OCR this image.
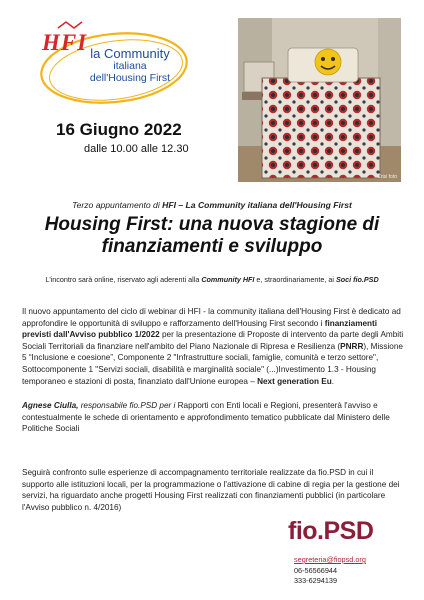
HFI la Community
italiana
dell'Housing First
16 Giugno 2022
dalle 10.00 alle 12.30
Crisi foto
Terzo appuntamento di HFI – La Community italiana dell'Housing First
Housing First: una nuova stagione di
finanziamenti e sviluppo
L'incontro sarà online, riservato agli aderenti alla Community HFI e, straordinariamente, ai Soci fio.PSD
Il nuovo appuntamento del ciclo di webinar di HFI - la community italiana dell'Housing First è dedicato ad approfondire le opportunità di sviluppo e rafforzamento dell'Housing First secondo i finanziamenti previsti dall'Avviso pubblico 1/2022 per la presentazione di Proposte di intervento da parte degli Ambiti Sociali Territoriali da finanziare nell'ambito del Piano Nazionale di Ripresa e Resilienza (PNRR), Missione 5 “Inclusione e coesione”, Componente 2 "Infrastrutture sociali, famiglie, comunità e terzo settore", Sottocomponente 1 "Servizi sociali, disabilità e marginalità sociale" (...)Investimento 1.3 - Housing temporaneo e stazioni di posta, finanziato dall'Unione europea – Next generation Eu.
Agnese Ciulla, responsabile fio.PSD per i Rapporti con Enti locali e Regioni, presenterà l'avviso e contestualmente le schede di orientamento e approfondimento tematico pubblicate dal Ministero delle Politiche Sociali
Seguirà confronto sulle esperienze di accompagnamento territoriale realizzate da fio.PSD in cui il supporto alle istituzioni locali, per la programmazione o l'attivazione di cabine di regia per la gestione dei servizi, ha riguardato anche progetti Housing First realizzati con finanziamenti pubblici (in particolare l'Avviso pubblico n. 4/2016)
fio.PSD
segreteria@fiopsd.org
06-56566944
333-6294139
